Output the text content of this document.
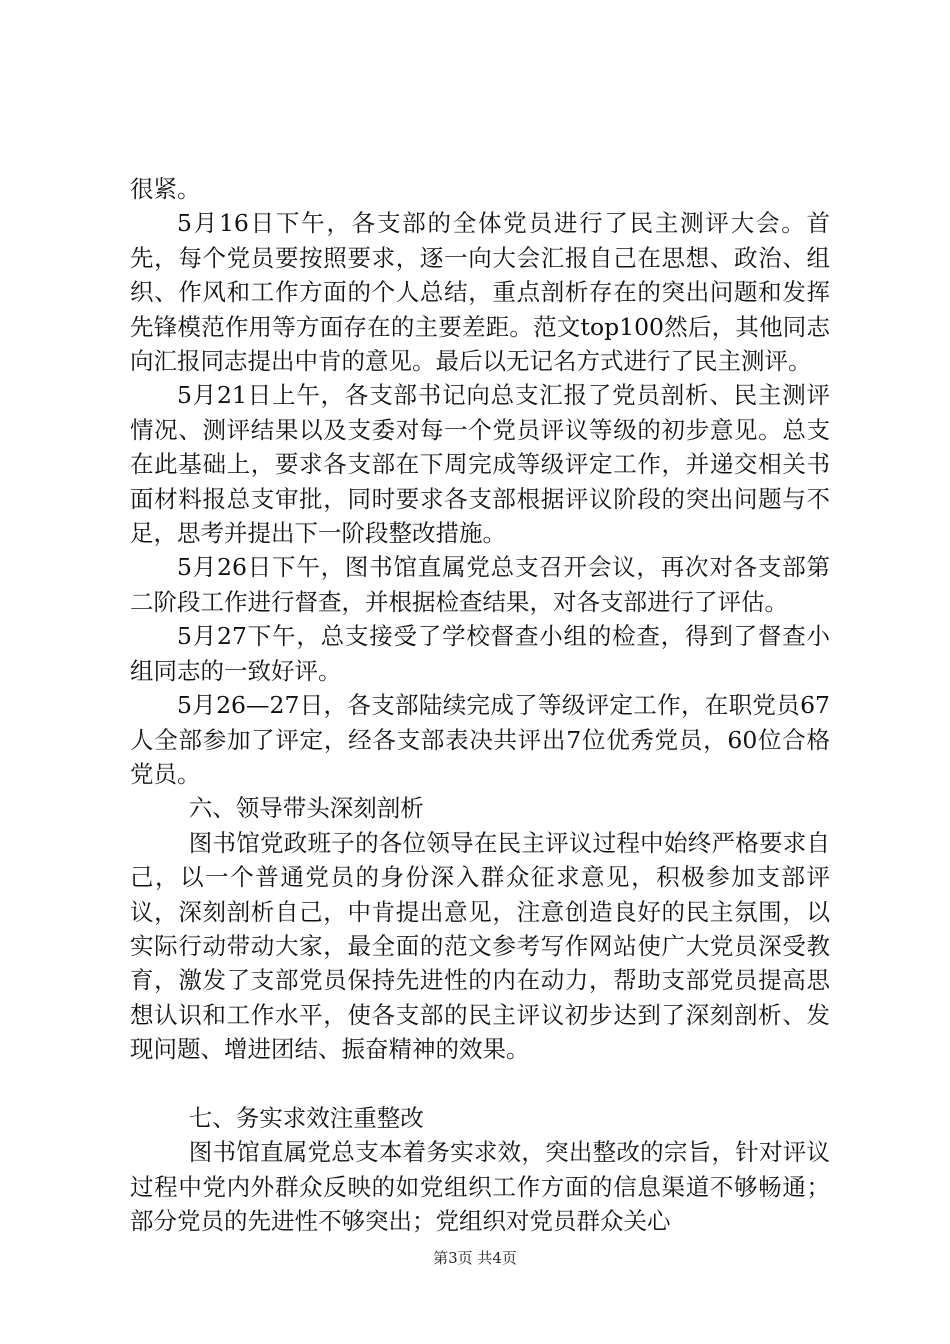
很紧。

5月16日下午，各支部的全体党员进行了民主测评大会。首先，每个党员要按照要求，逐一向大会汇报自己在思想、政治、组织、作风和工作方面的个人总结，重点剖析存在的突出问题和发挥先锋模范作用等方面存在的主要差距。范文top100然后，其他同志向汇报同志提出中肯的意见。最后以无记名方式进行了民主测评。

5月21日上午，各支部书记向总支汇报了党员剖析、民主测评情况、测评结果以及支委对每一个党员评议等级的初步意见。总支在此基础上，要求各支部在下周完成等级评定工作，并递交相关书面材料报总支审批，同时要求各支部根据评议阶段的突出问题与不足，思考并提出下一阶段整改措施。

5月26日下午，图书馆直属党总支召开会议，再次对各支部第二阶段工作进行督查，并根据检查结果，对各支部进行了评估。

5月27下午，总支接受了学校督查小组的检查，得到了督查小组同志的一致好评。

5月26—27日，各支部陆续完成了等级评定工作，在职党员67人全部参加了评定，经各支部表决共评出7位优秀党员，60位合格党员。

六、领导带头深刻剖析

图书馆党政班子的各位领导在民主评议过程中始终严格要求自己，以一个普通党员的身份深入群众征求意见，积极参加支部评议，深刻剖析自己，中肯提出意见，注意创造良好的民主氛围，以实际行动带动大家，最全面的范文参考写作网站使广大党员深受教育，激发了支部党员保持先进性的内在动力，帮助支部党员提高思想认识和工作水平，使各支部的民主评议初步达到了深刻剖析、发现问题、增进团结、振奋精神的效果。

七、务实求效注重整改

图书馆直属党总支本着务实求效，突出整改的宗旨，针对评议过程中党内外群众反映的如党组织工作方面的信息渠道不够畅通；部分党员的先进性不够突出；党组织对党员群众关心

第3页 共4页
